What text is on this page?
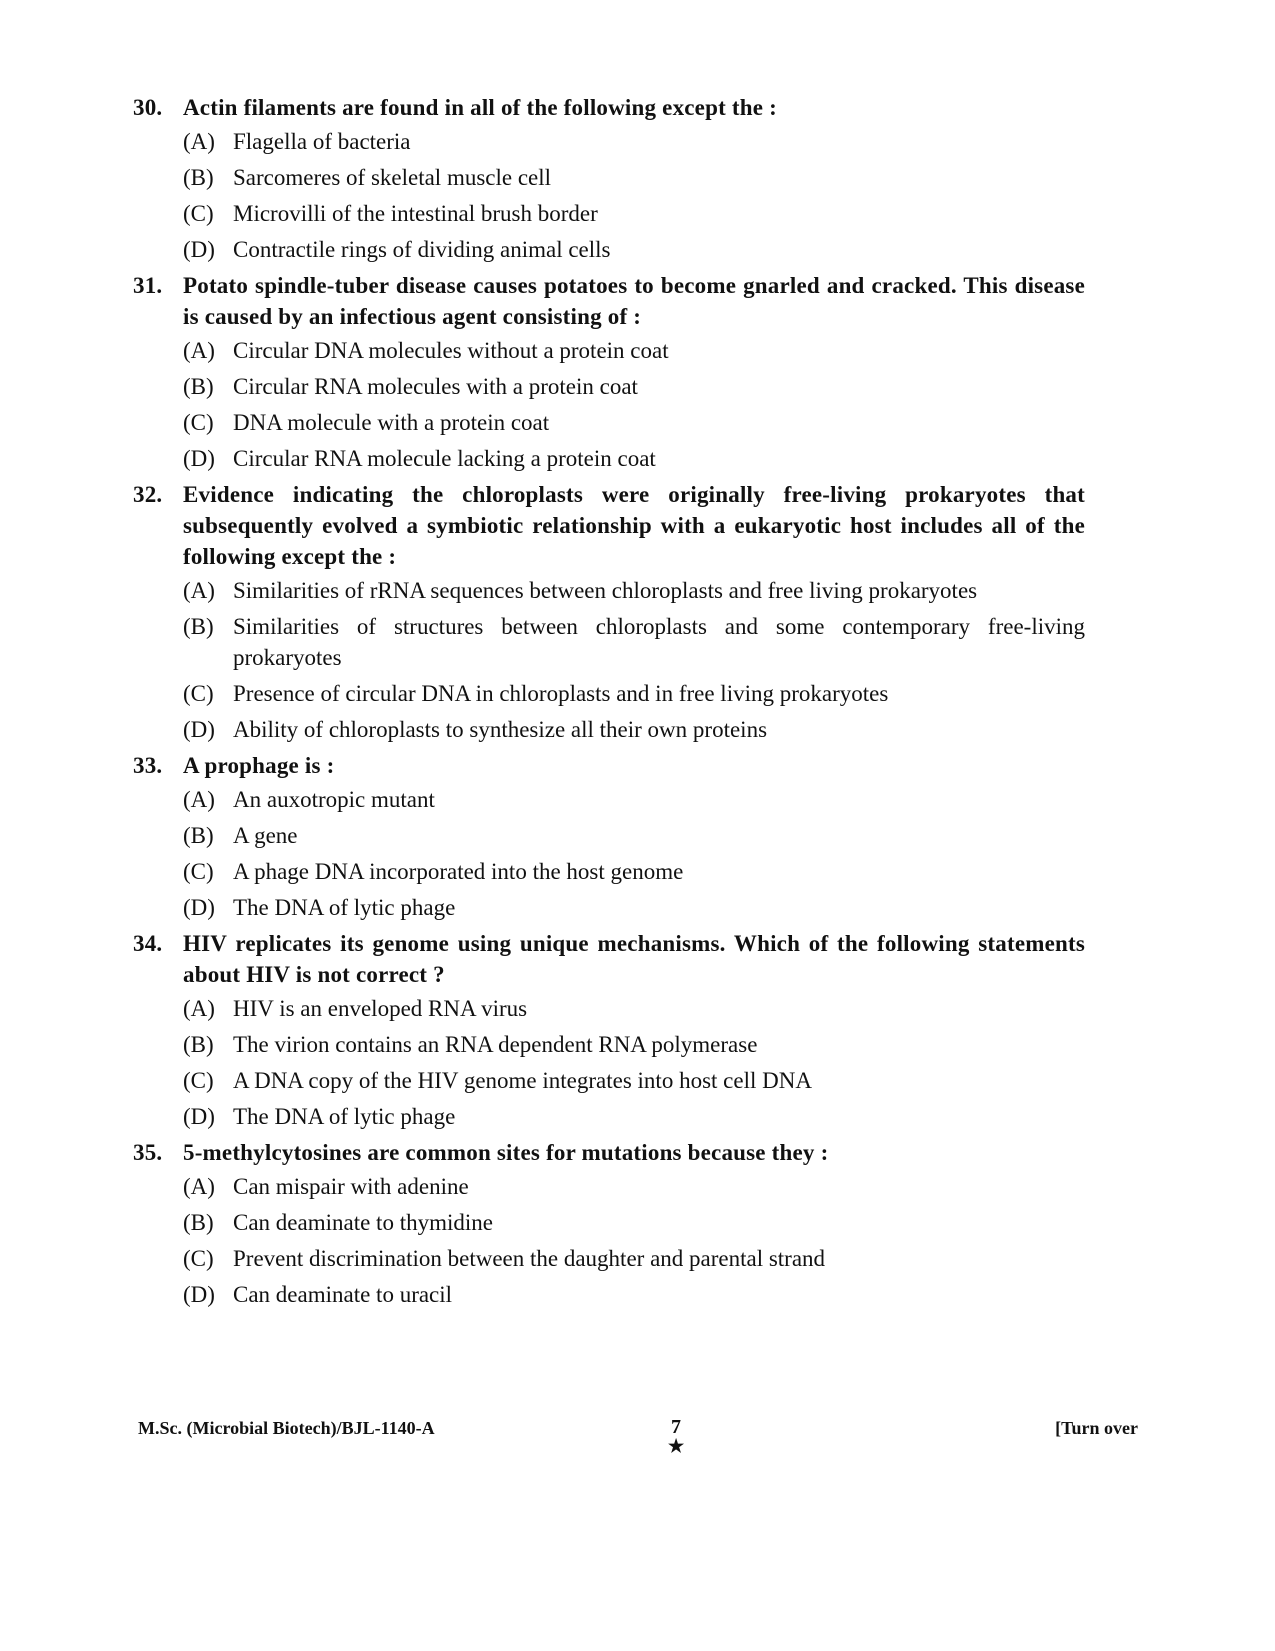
30. Actin filaments are found in all of the following except the :
(A) Flagella of bacteria
(B) Sarcomeres of skeletal muscle cell
(C) Microvilli of the intestinal brush border
(D) Contractile rings of dividing animal cells
31. Potato spindle-tuber disease causes potatoes to become gnarled and cracked. This disease is caused by an infectious agent consisting of :
(A) Circular DNA molecules without a protein coat
(B) Circular RNA molecules with a protein coat
(C) DNA molecule with a protein coat
(D) Circular RNA molecule lacking a protein coat
32. Evidence indicating the chloroplasts were originally free-living prokaryotes that subsequently evolved a symbiotic relationship with a eukaryotic host includes all of the following except the :
(A) Similarities of rRNA sequences between chloroplasts and free living prokaryotes
(B) Similarities of structures between chloroplasts and some contemporary free-living prokaryotes
(C) Presence of circular DNA in chloroplasts and in free living prokaryotes
(D) Ability of chloroplasts to synthesize all their own proteins
33. A prophage is :
(A) An auxotropic mutant
(B) A gene
(C) A phage DNA incorporated into the host genome
(D) The DNA of lytic phage
34. HIV replicates its genome using unique mechanisms. Which of the following statements about HIV is not correct ?
(A) HIV is an enveloped RNA virus
(B) The virion contains an RNA dependent RNA polymerase
(C) A DNA copy of the HIV genome integrates into host cell DNA
(D) The DNA of lytic phage
35. 5-methylcytosines are common sites for mutations because they :
(A) Can mispair with adenine
(B) Can deaminate to thymidine
(C) Prevent discrimination between the daughter and parental strand
(D) Can deaminate to uracil
M.Sc. (Microbial Biotech)/BJL-1140-A	7
★
[Turn over
